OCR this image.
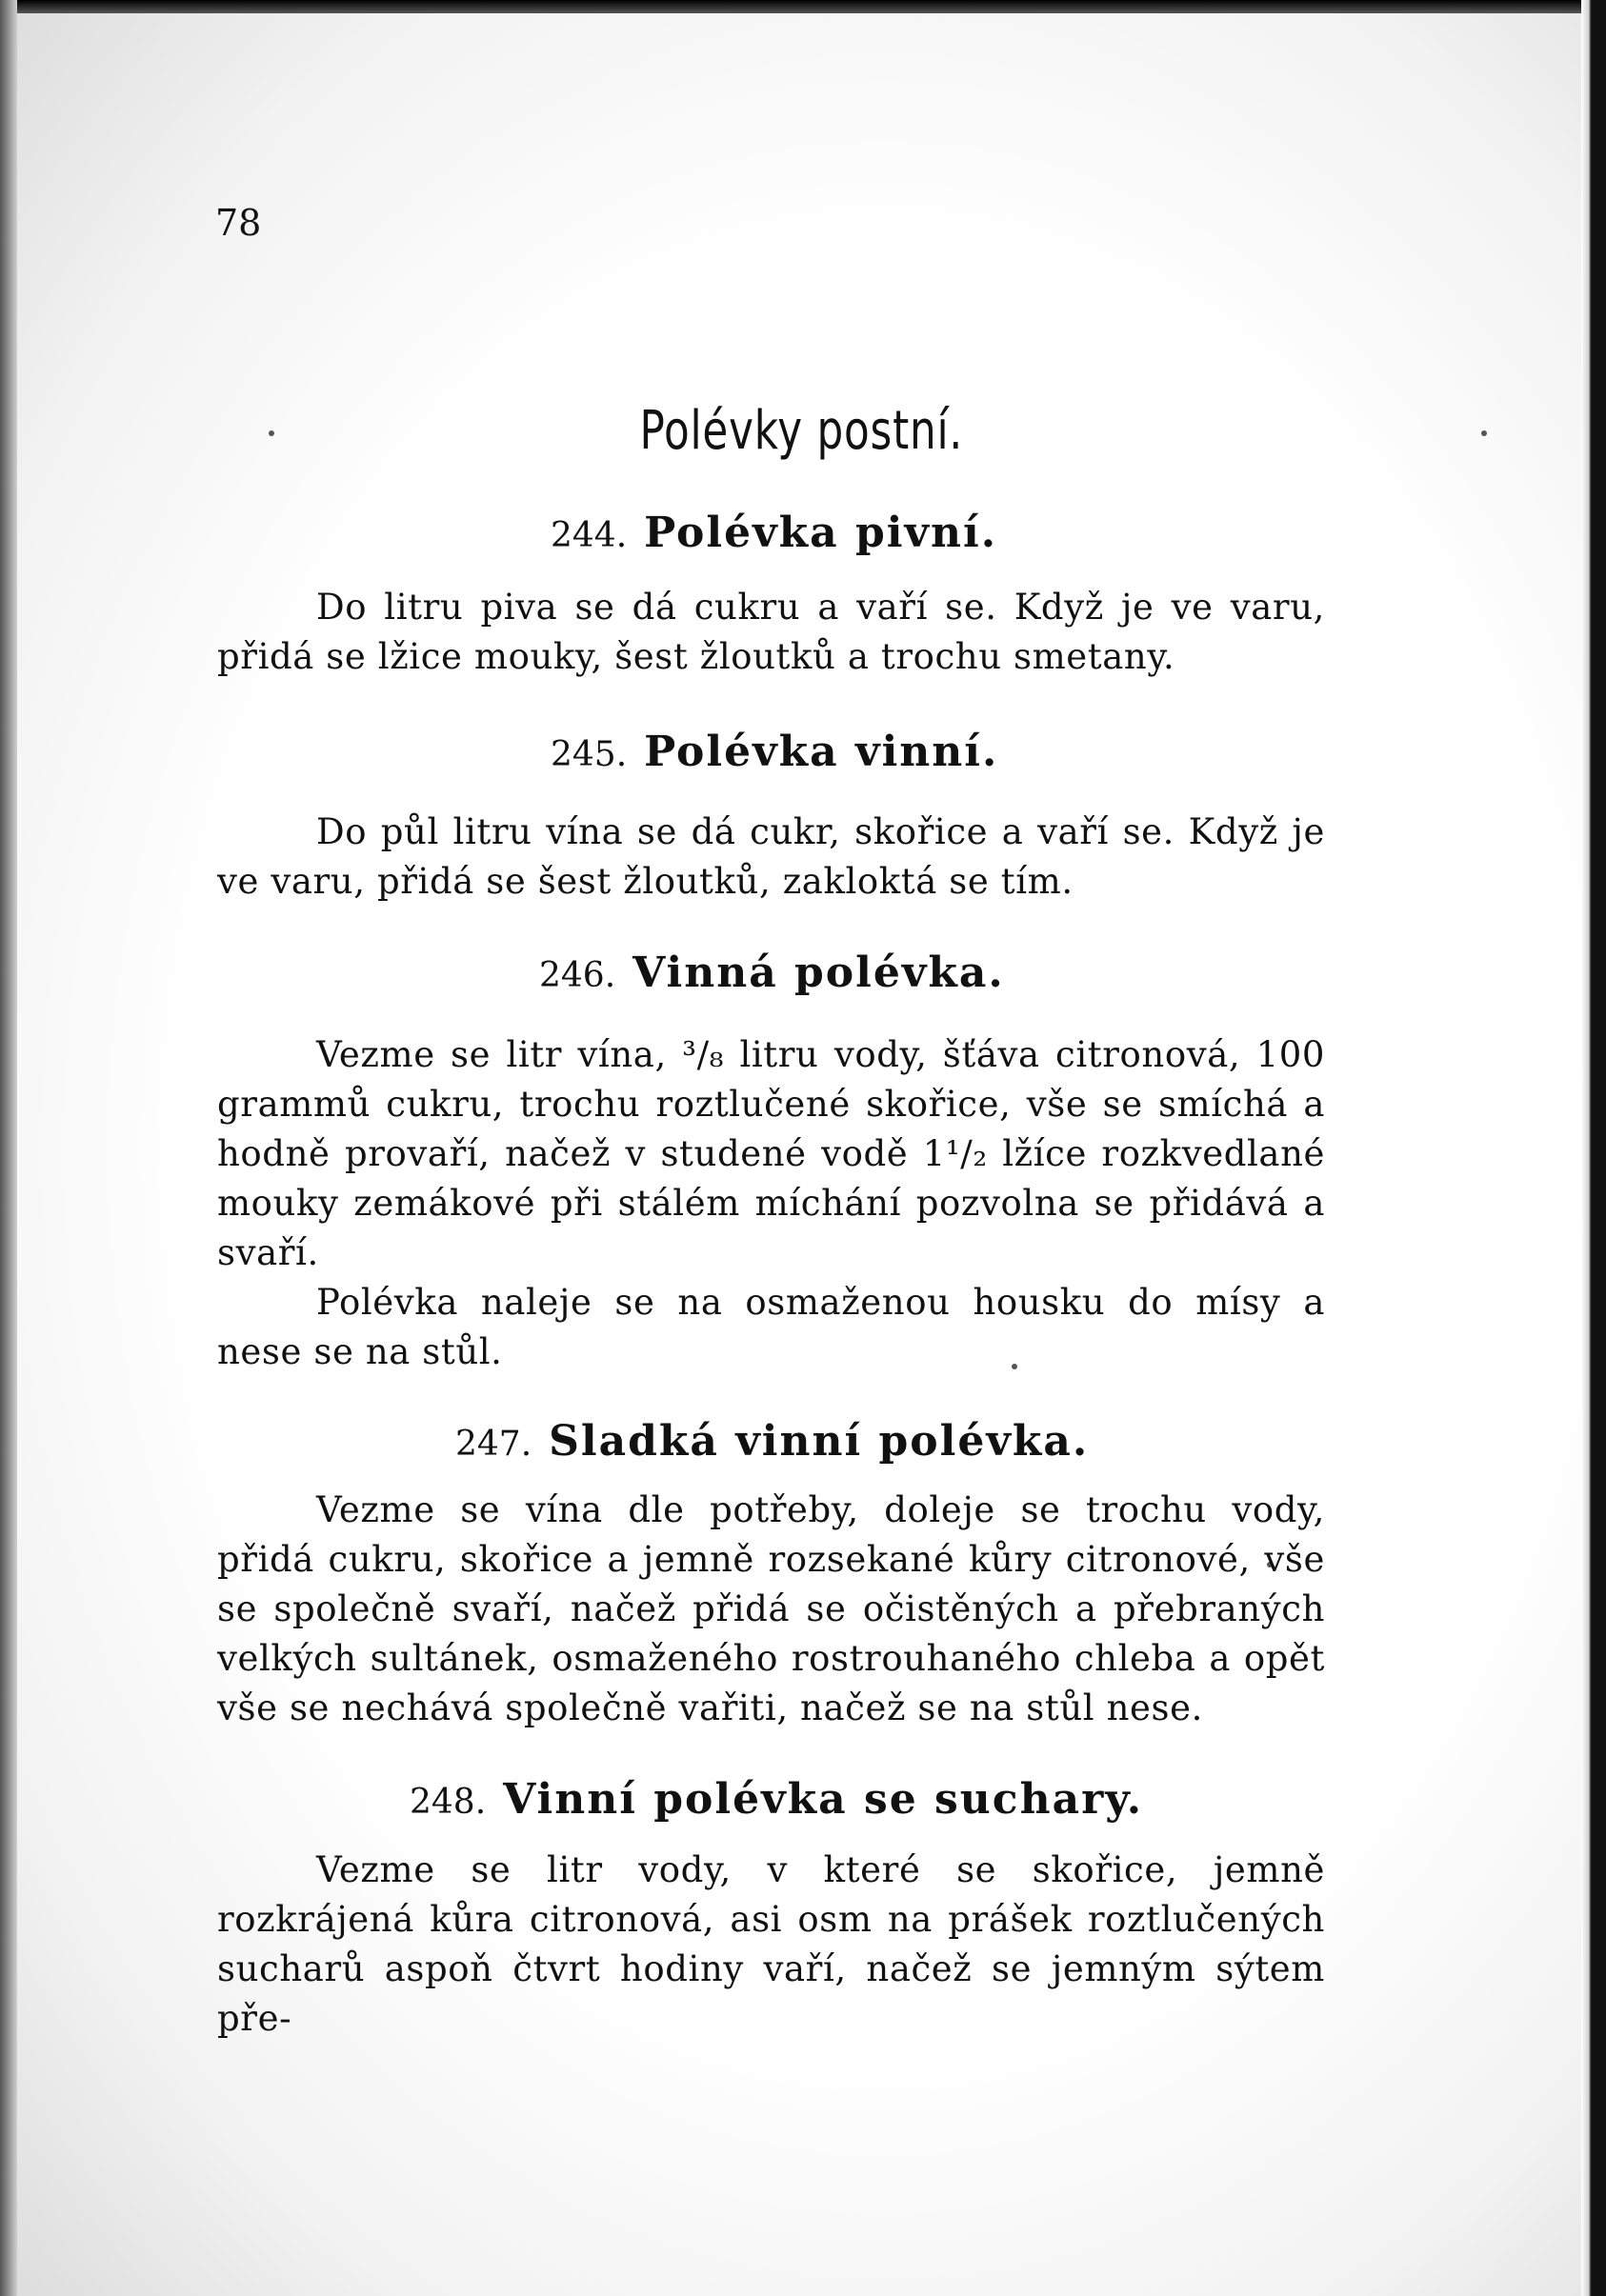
78
Polévky postní.
244. Polévka pivní.
Do litru piva se dá cukru a vaří se. Když je ve varu, přidá se lžice mouky, šest žloutků a trochu smetany.
245. Polévka vinní.
Do půl litru vína se dá cukr, skořice a vaří se. Když je ve varu, přidá se šest žloutků, zakloktá se tím.
246. Vinná polévka.
Vezme se litr vína, ³/₈ litru vody, šťáva citronová, 100 grammů cukru, trochu roztlučené skořice, vše se smíchá a hodně provaří, načež v studené vodě 1¹/₂ lžíce rozkvedlané mouky zemákové při stálém míchání pozvolna se přidává a svaří.
Polévka naleje se na osmaženou housku do mísy a nese se na stůl.
247. Sladká vinní polévka.
Vezme se vína dle potřeby, doleje se trochu vody, přidá cukru, skořice a jemně rozsekané kůry citronové, vše se společně svaří, načež přidá se očistěných a přebraných velkých sultánek, osmaženého rostrouhaného chleba a opět vše se nechává společně vařiti, načež se na stůl nese.
248. Vinní polévka se suchary.
Vezme se litr vody, v které se skořice, jemně rozkrájená kůra citronová, asi osm na prášek roztlučených sucharů aspoň čtvrt hodiny vaří, načež se jemným sýtem pře-
